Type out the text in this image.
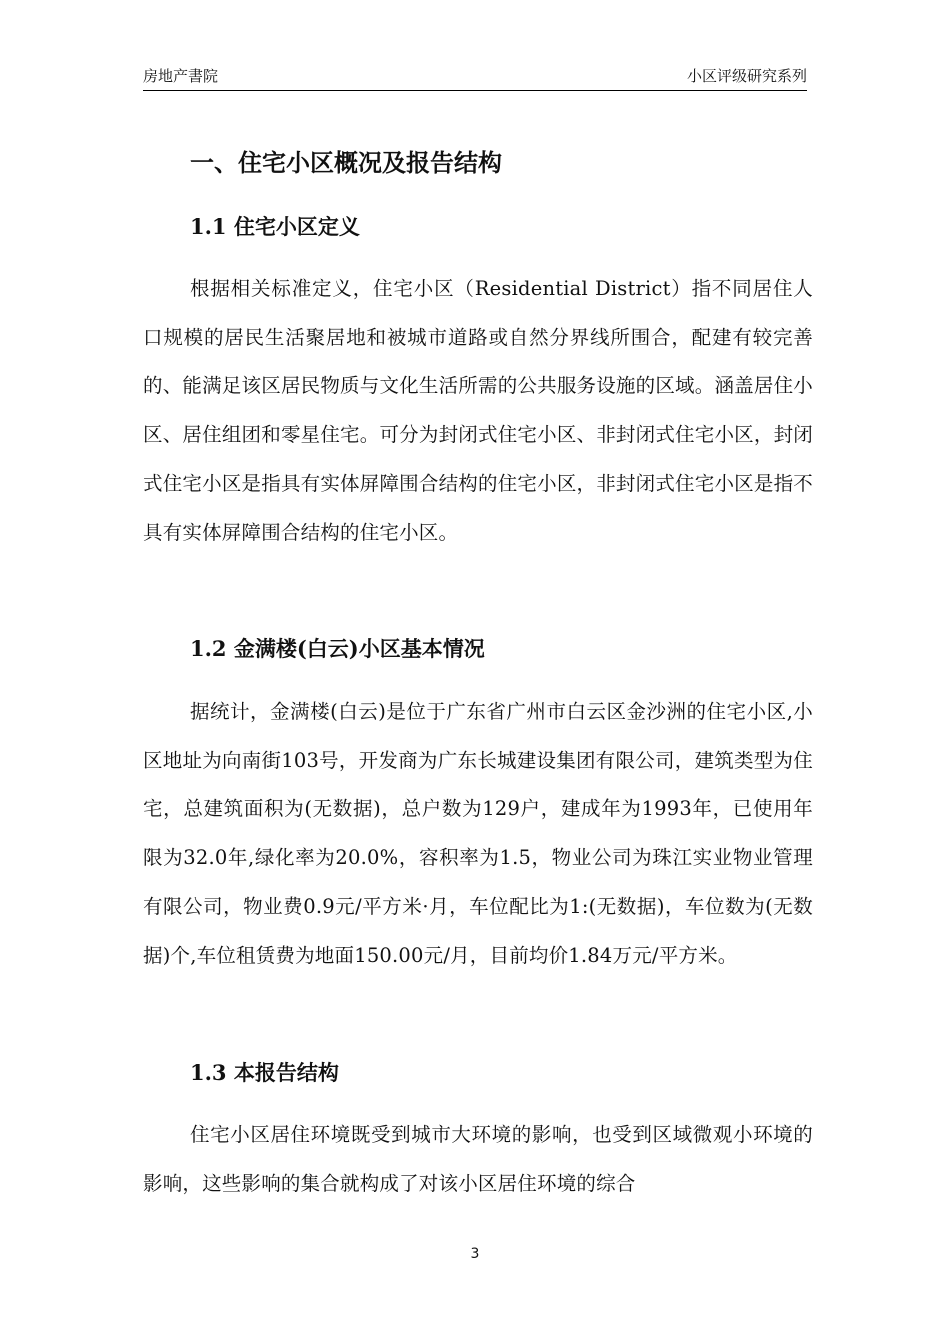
房地产書院	小区评级研究系列
一、住宅小区概况及报告结构
1.1 住宅小区定义
根据相关标准定义，住宅小区（Residential District）指不同居住人口规模的居民生活聚居地和被城市道路或自然分界线所围合，配建有较完善的、能满足该区居民物质与文化生活所需的公共服务设施的区域。涵盖居住小区、居住组团和零星住宅。可分为封闭式住宅小区、非封闭式住宅小区，封闭式住宅小区是指具有实体屏障围合结构的住宅小区，非封闭式住宅小区是指不具有实体屏障围合结构的住宅小区。
1.2 金满楼(白云)小区基本情况
据统计，金满楼(白云)是位于广东省广州市白云区金沙洲的住宅小区,小区地址为向南街103号，开发商为广东长城建设集团有限公司，建筑类型为住宅，总建筑面积为(无数据)，总户数为129户，建成年为1993年，已使用年限为32.0年,绿化率为20.0%，容积率为1.5，物业公司为珠江实业物业管理有限公司，物业费0.9元/平方米·月，车位配比为1:(无数据)，车位数为(无数据)个,车位租赁费为地面150.00元/月，目前均价1.84万元/平方米。
1.3 本报告结构
住宅小区居住环境既受到城市大环境的影响，也受到区域微观小环境的影响，这些影响的集合就构成了对该小区居住环境的综合
3
